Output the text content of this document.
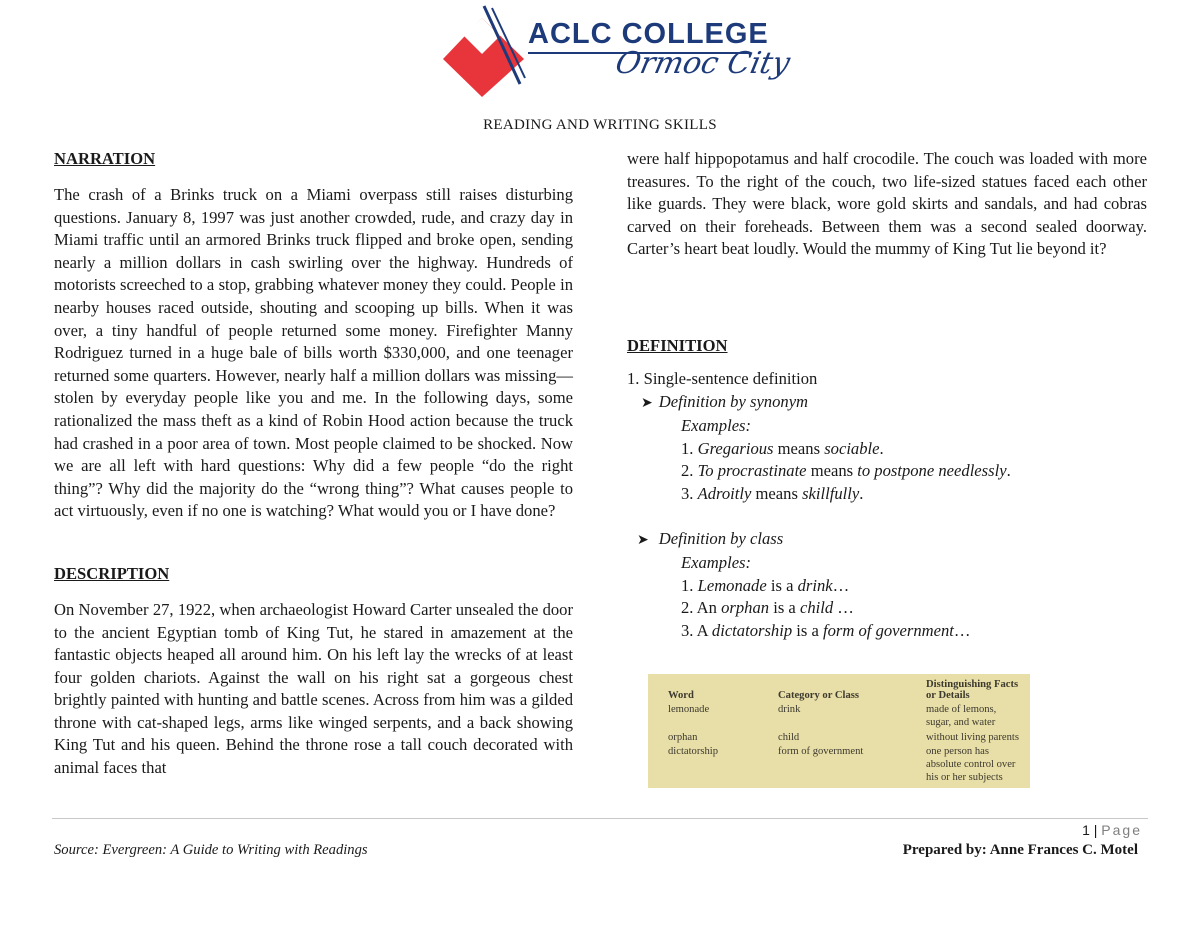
ACLC COLLEGE
Ormoc City
READING AND WRITING SKILLS

NARRATION

The crash of a Brinks truck on a Miami overpass still raises disturbing questions. January 8, 1997 was just another crowded, rude, and crazy day in Miami traffic until an armored Brinks truck flipped and broke open, sending nearly a million dollars in cash swirling over the highway. Hundreds of motorists screeched to a stop, grabbing whatever money they could. People in nearby houses raced outside, shouting and scooping up bills. When it was over, a tiny handful of people returned some money. Firefighter Manny Rodriguez turned in a huge bale of bills worth $330,000, and one teenager returned some quarters. However, nearly half a million dollars was missing—stolen by everyday people like you and me. In the following days, some rationalized the mass theft as a kind of Robin Hood action because the truck had crashed in a poor area of town. Most people claimed to be shocked. Now we are all left with hard questions: Why did a few people “do the right thing”? Why did the majority do the “wrong thing”? What causes people to act virtuously, even if no one is watching? What would you or I have done?

DESCRIPTION

On November 27, 1922, when archaeologist Howard Carter unsealed the door to the ancient Egyptian tomb of King Tut, he stared in amazement at the fantastic objects heaped all around him. On his left lay the wrecks of at least four golden chariots. Against the wall on his right sat a gorgeous chest brightly painted with hunting and battle scenes. Across from him was a gilded throne with cat-shaped legs, arms like winged serpents, and a back showing King Tut and his queen. Behind the throne rose a tall couch decorated with animal faces that

were half hippopotamus and half crocodile. The couch was loaded with more treasures. To the right of the couch, two life-sized statues faced each other like guards. They were black, wore gold skirts and sandals, and had cobras carved on their foreheads. Between them was a second sealed doorway. Carter’s heart beat loudly. Would the mummy of King Tut lie beyond it?

DEFINITION

1. Single-sentence definition
➤ Definition by synonym
Examples:
1. Gregarious means sociable.
2. To procrastinate means to postpone needlessly.
3. Adroitly means skillfully.
➤ Definition by class
Examples:
1. Lemonade is a drink…
2. An orphan is a child …
3. A dictatorship is a form of government…
Word	Category or Class	Distinguishing Facts or Details
lemonade	drink	made of lemons, sugar, and water
orphan	child	without living parents
dictatorship	form of government	one person has absolute control over his or her subjects
1 | Page
Source: Evergreen: A Guide to Writing with Readings	Prepared by: Anne Frances C. Motel
